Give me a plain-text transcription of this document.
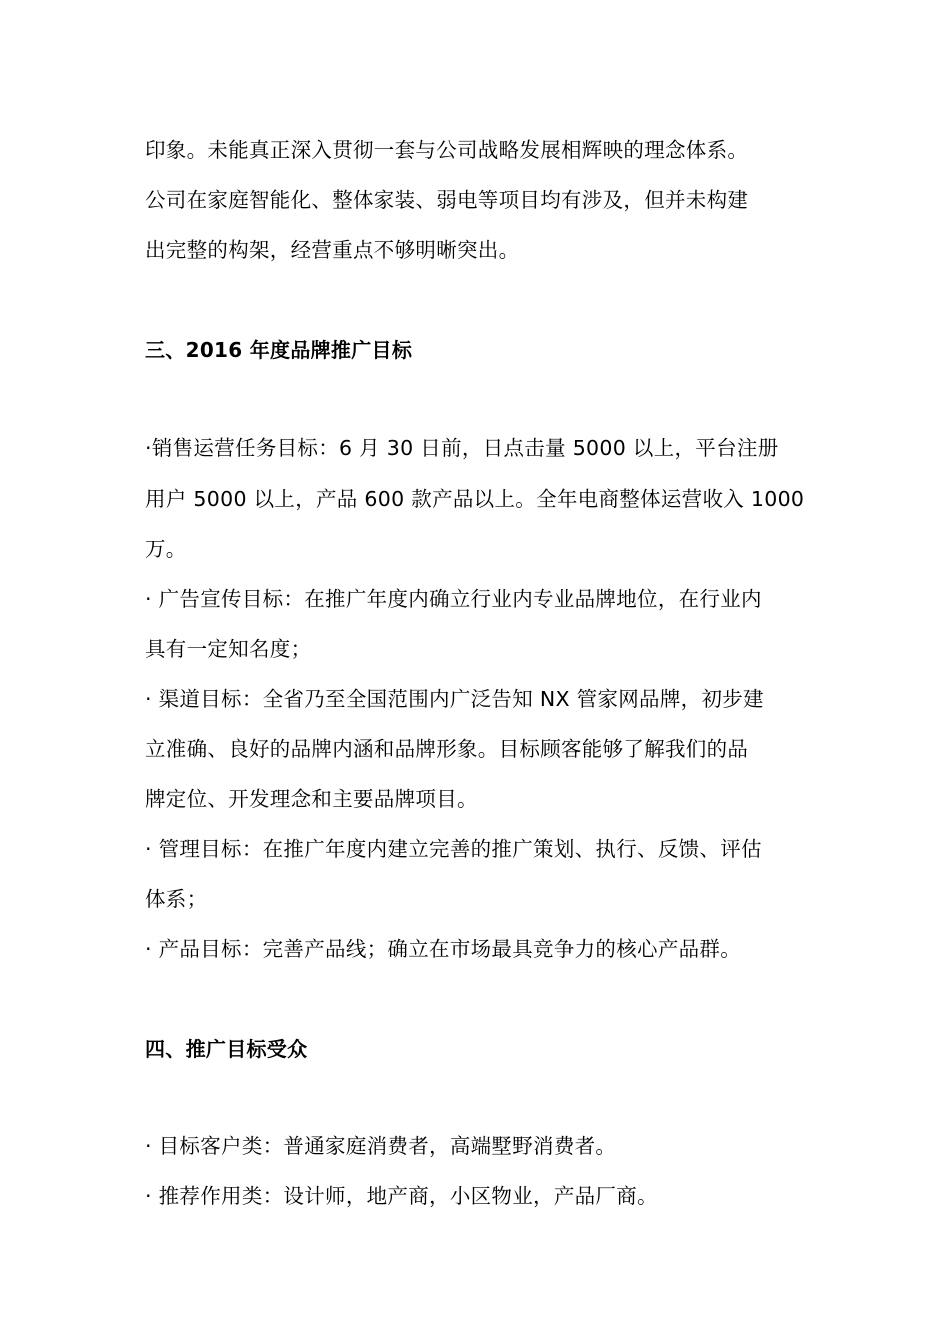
印象。未能真正深入贯彻一套与公司战略发展相辉映的理念体系。
公司在家庭智能化、整体家装、弱电等项目均有涉及，但并未构建
出完整的构架，经营重点不够明晰突出。
三、2016 年度品牌推广目标
·销售运营任务目标：6 月 30 日前，日点击量 5000 以上，平台注册
用户 5000 以上，产品 600 款产品以上。全年电商整体运营收入 1000
万。
· 广告宣传目标：在推广年度内确立行业内专业品牌地位，在行业内
具有一定知名度；
· 渠道目标：全省乃至全国范围内广泛告知 NX 管家网品牌，初步建
立准确、良好的品牌内涵和品牌形象。目标顾客能够了解我们的品
牌定位、开发理念和主要品牌项目。
· 管理目标：在推广年度内建立完善的推广策划、执行、反馈、评估
体系；
· 产品目标：完善产品线；确立在市场最具竞争力的核心产品群。
四、推广目标受众
· 目标客户类：普通家庭消费者，高端墅野消费者。
· 推荐作用类：设计师，地产商，小区物业，产品厂商。
